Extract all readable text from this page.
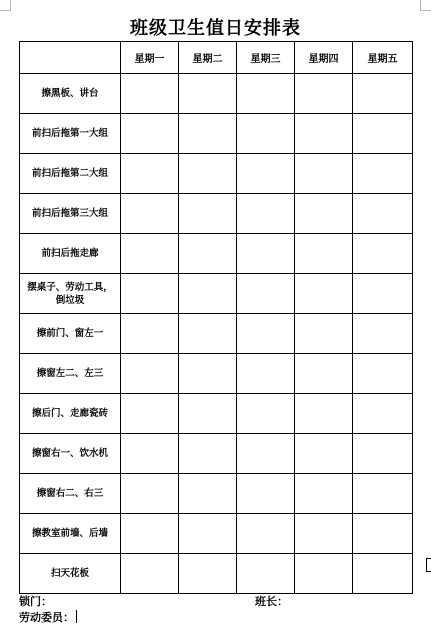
班级卫生值日安排表
	星期一	星期二	星期三	星期四	星期五
擦黑板、讲台					
前扫后拖第一大组					
前扫后拖第二大组					
前扫后拖第三大组					
前扫后拖走廊					
摆桌子、劳动工具，倒垃圾					
擦前门、窗左一					
擦窗左二、左三					
擦后门、走廊瓷砖					
擦窗右一、饮水机					
擦窗右二、右三					
擦教室前墙、后墙					
扫天花板					
锁门：	班长：
劳动委员：
